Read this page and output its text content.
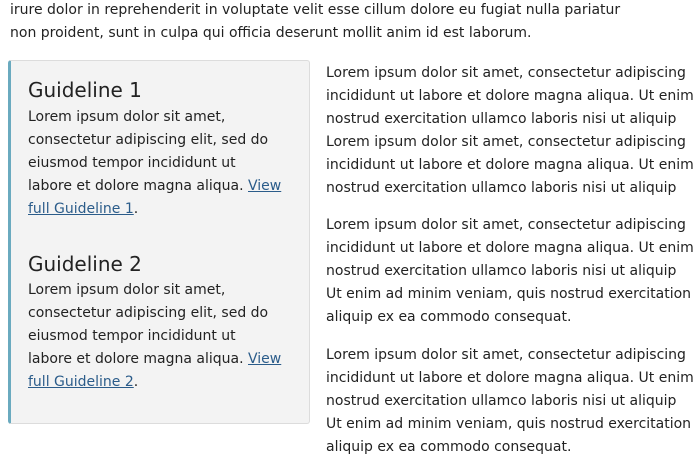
irure dolor in reprehenderit in voluptate velit esse cillum dolore eu fugiat nulla pariatur

non proident, sunt in culpa qui officia deserunt mollit anim id est laborum.

Guideline 1
Lorem ipsum dolor sit amet,
consectetur adipiscing elit, sed do
eiusmod tempor incididunt ut
labore et dolore magna aliqua. View
full Guideline 1.
Guideline 2
Lorem ipsum dolor sit amet,
consectetur adipiscing elit, sed do
eiusmod tempor incididunt ut
labore et dolore magna aliqua. View
full Guideline 2.

Lorem ipsum dolor sit amet, consectetur adipiscing

incididunt ut labore et dolore magna aliqua. Ut enim

nostrud exercitation ullamco laboris nisi ut aliquip

Lorem ipsum dolor sit amet, consectetur adipiscing

incididunt ut labore et dolore magna aliqua. Ut enim

nostrud exercitation ullamco laboris nisi ut aliquip

Lorem ipsum dolor sit amet, consectetur adipiscing

incididunt ut labore et dolore magna aliqua. Ut enim

nostrud exercitation ullamco laboris nisi ut aliquip

Ut enim ad minim veniam, quis nostrud exercitation

aliquip ex ea commodo consequat.

Lorem ipsum dolor sit amet, consectetur adipiscing

incididunt ut labore et dolore magna aliqua. Ut enim

nostrud exercitation ullamco laboris nisi ut aliquip

Ut enim ad minim veniam, quis nostrud exercitation

aliquip ex ea commodo consequat.
